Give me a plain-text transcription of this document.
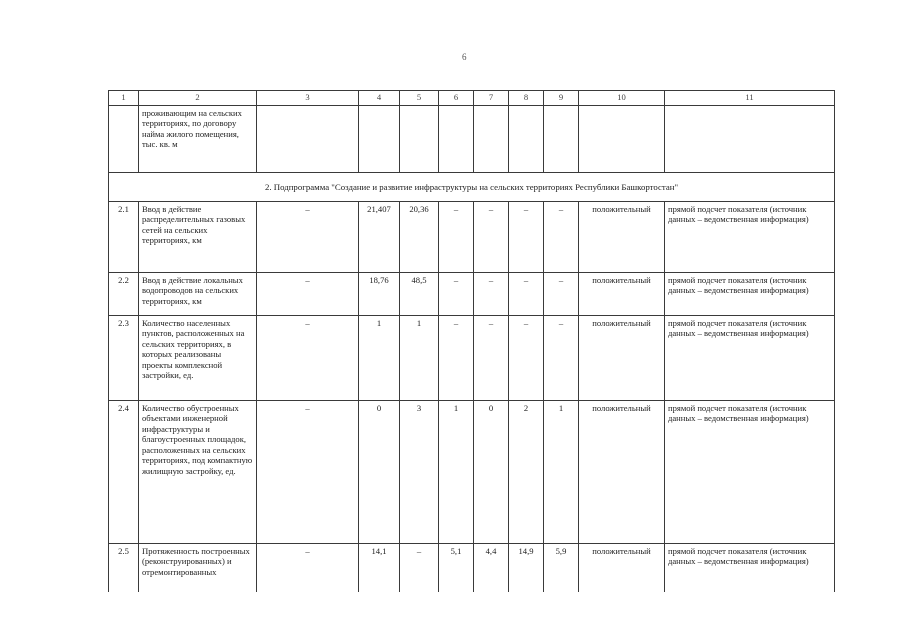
6
1	2	3	4	5	6	7	8	9	10	11
	проживающим на сельских территориях, по договору найма жилого помещения, тыс. кв. м									
2. Подпрограмма "Создание и развитие инфраструктуры на сельских территориях Республики Башкортостан"										
2.1	Ввод в действие распределительных газовых сетей на сельских территориях, км	–	21,407	20,36	–	–	–	–	положительный	прямой подсчет показателя (источник данных – ведомственная информация)
2.2	Ввод в действие локальных водопроводов на сельских территориях, км	–	18,76	48,5	–	–	–	–	положительный	прямой подсчет показателя (источник данных – ведомственная информация)
2.3	Количество населенных пунктов, расположенных на сельских территориях, в которых реализованы проекты комплексной застройки, ед.	–	1	1	–	–	–	–	положительный	прямой подсчет показателя (источник данных – ведомственная информация)
2.4	Количество обустроенных объектами инженерной инфраструктуры и благоустроенных площадок, расположенных на сельских территориях, под компактную жилищную застройку, ед.	–	0	3	1	0	2	1	положительный	прямой подсчет показателя (источник данных – ведомственная информация)
2.5	Протяженность построенных (реконструированных) и отремонтированных	–	14,1	–	5,1	4,4	14,9	5,9	положительный	прямой подсчет показателя (источник данных – ведомственная информация)
